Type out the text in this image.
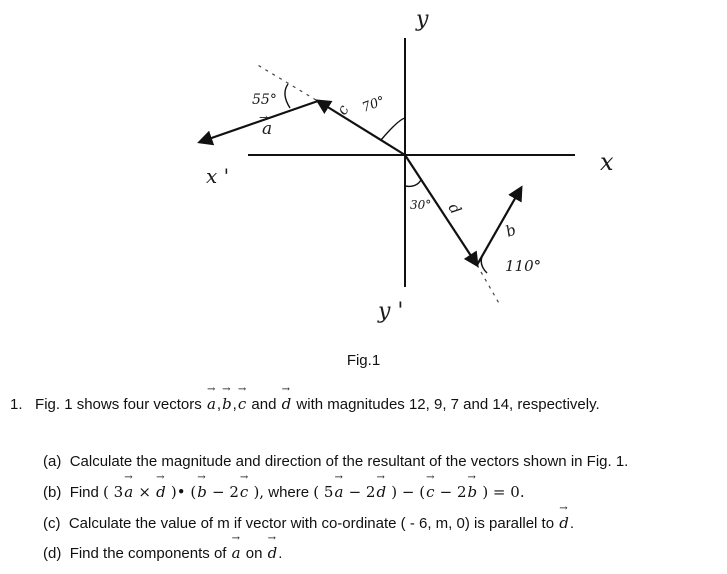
y
y '
x
x '
55°	70°
30°
110°
a
→	c
d
b
Fig.1
1. Fig. 1 shows four vectors → a,→ b,→ c and → d with magnitudes 12, 9, 7 and 14, respectively.
(a) Calculate the magnitude and direction of the resultant of the vectors shown in Fig. 1.
(b) Find ( 3→ a × → d )• (→ b − 2→ c ), where ( 5→ a − 2→ d ) − (→ c − 2→ b ) = 0.
(c) Calculate the value of m if vector with co-ordinate ( - 6, m, 0) is parallel to → d.
(d) Find the components of → a on → d.
